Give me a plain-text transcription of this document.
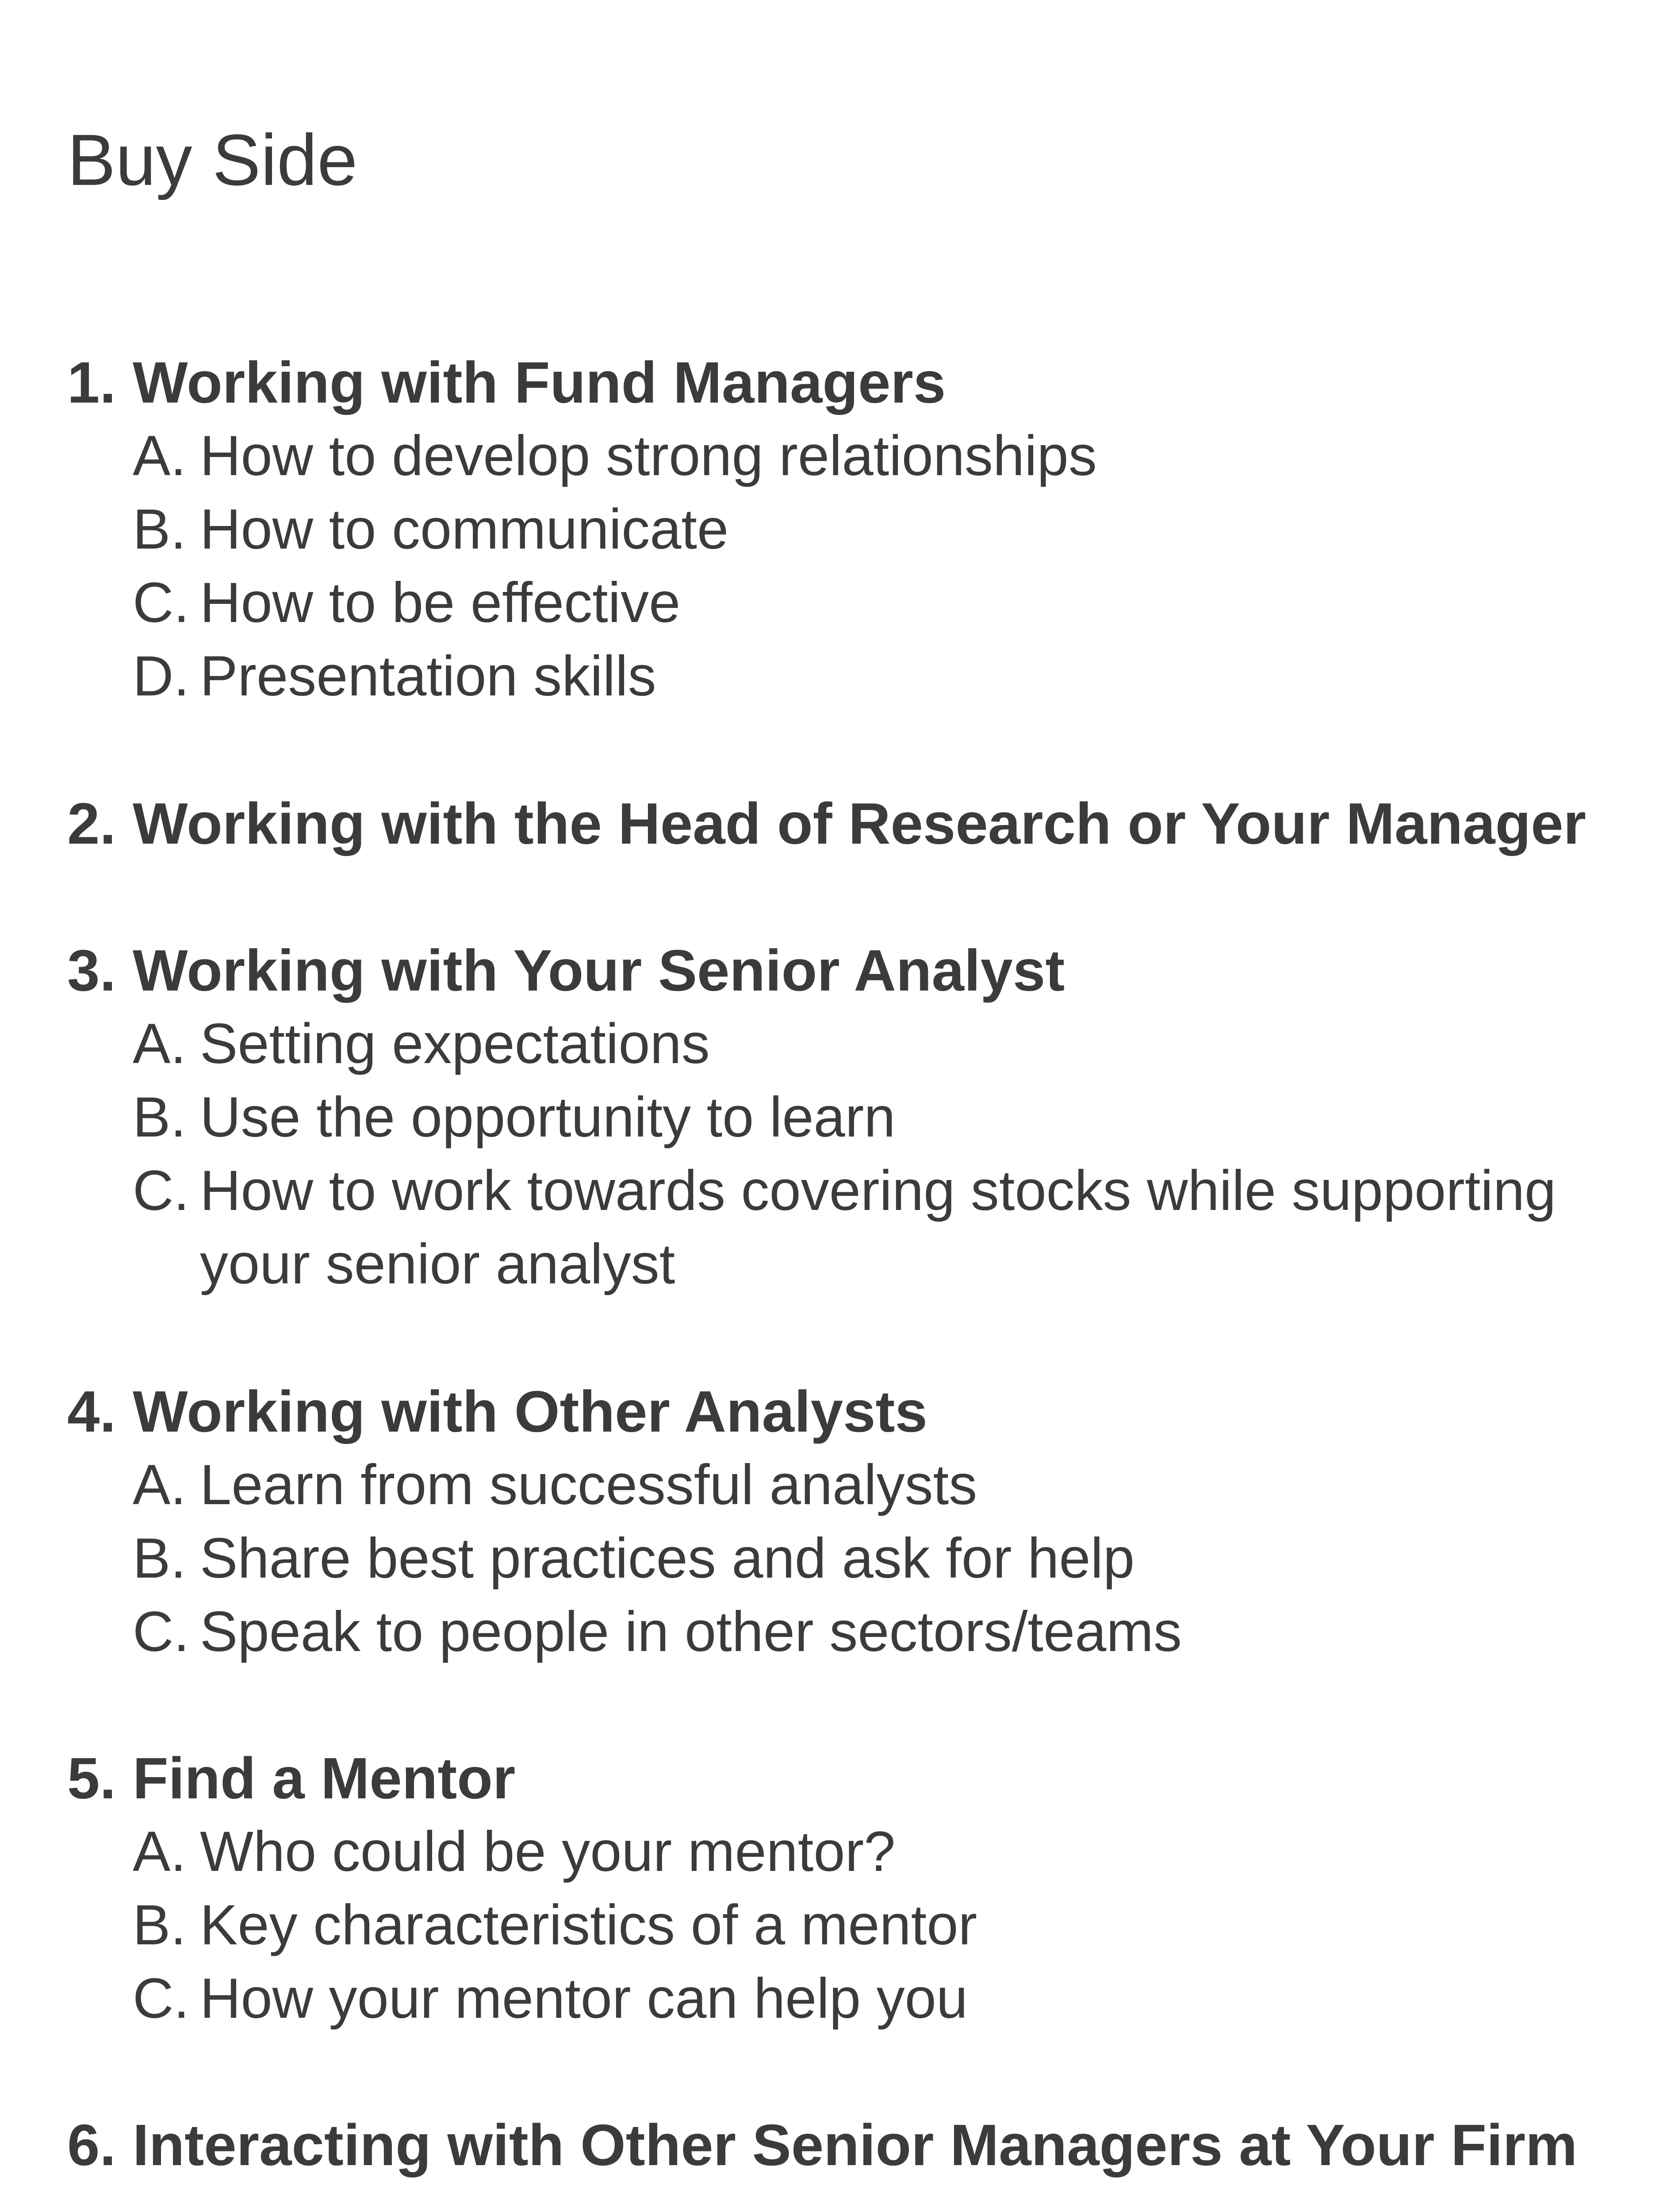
Buy Side
1. Working with Fund Managers
A. How to develop strong relationships
B. How to communicate
C. How to be effective
D. Presentation skills
2. Working with the Head of Research or Your Manager
3. Working with Your Senior Analyst
A. Setting expectations
B. Use the opportunity to learn
C. How to work towards covering stocks while supporting your senior analyst
4. Working with Other Analysts
A. Learn from successful analysts
B. Share best practices and ask for help
C. Speak to people in other sectors/teams
5. Find a Mentor
A. Who could be your mentor?
B. Key characteristics of a mentor
C. How your mentor can help you
6. Interacting with Other Senior Managers at Your Firm
